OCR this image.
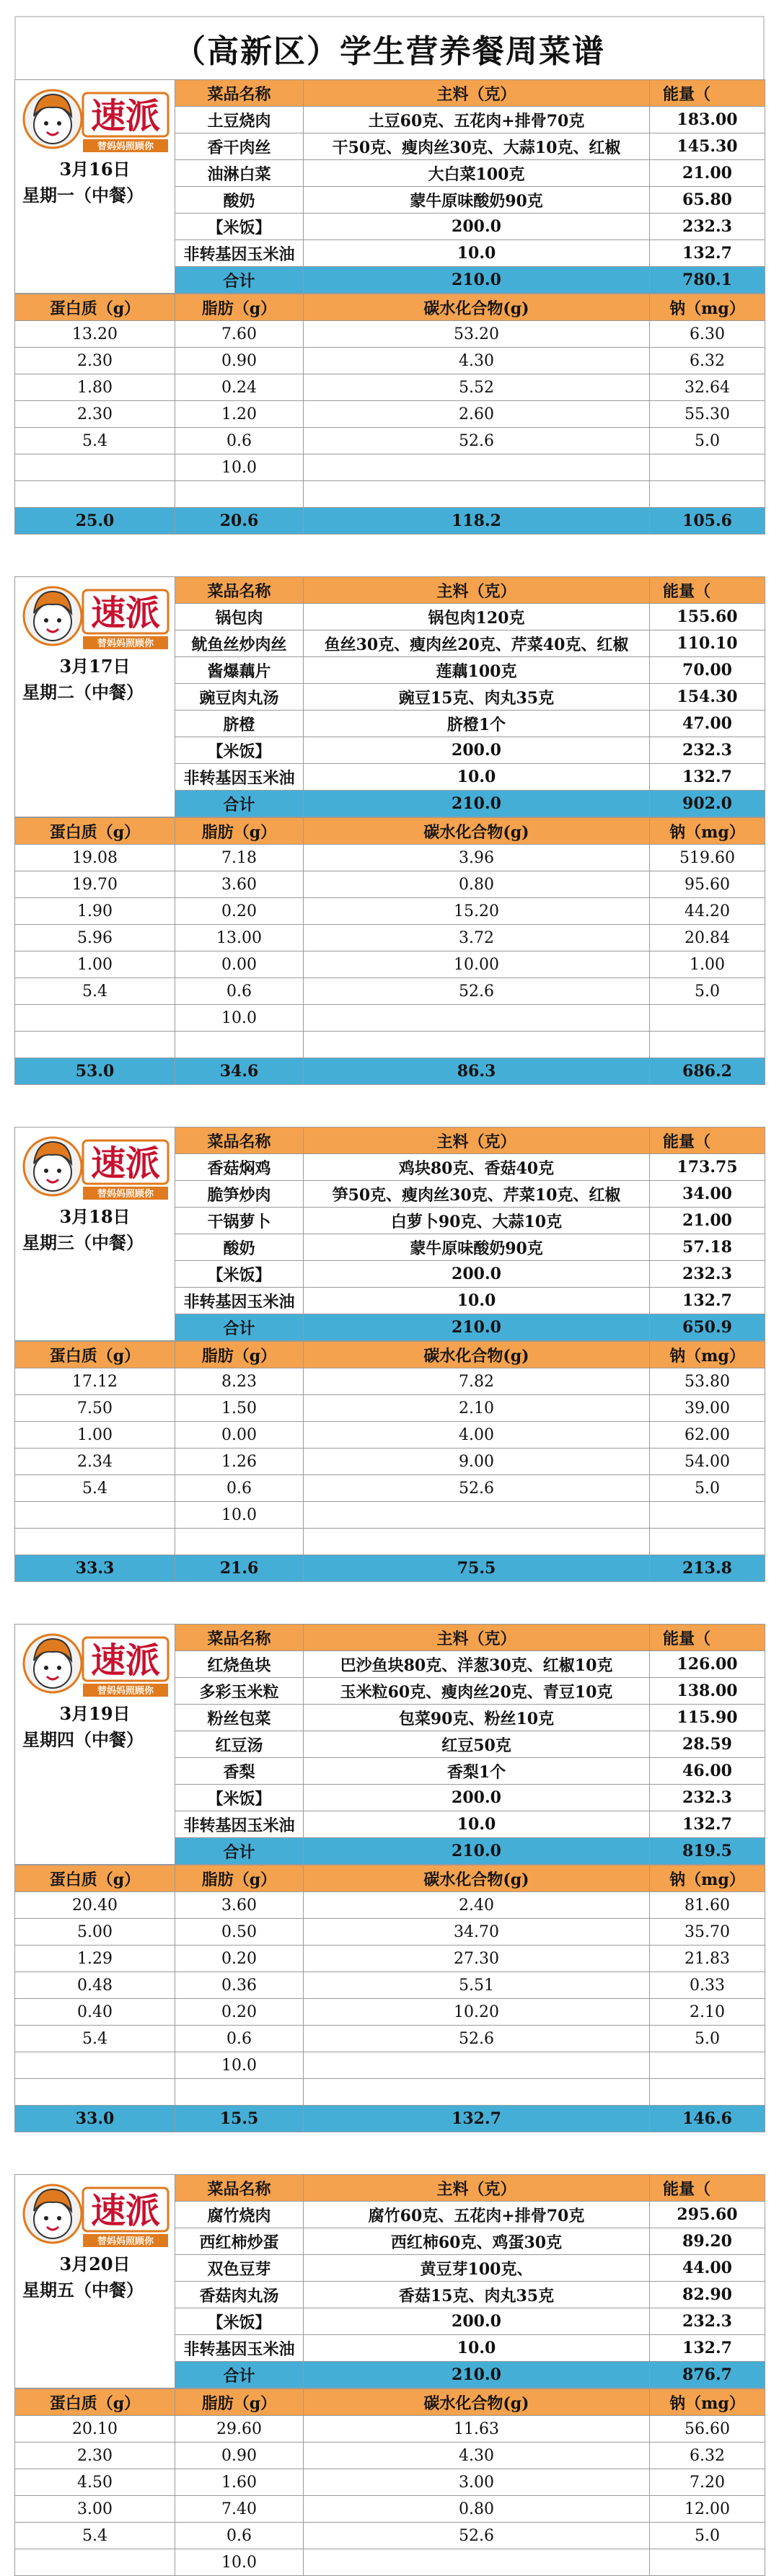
（高新区）学生营养餐周菜谱
速派
替妈妈照顾你
3月16日
星期一（中餐）	菜品名称	主料（克）	能量（
	土豆烧肉	土豆60克、五花肉+排骨70克	183.00
	香干肉丝	干50克、瘦肉丝30克、大蒜10克、红椒	145.30
	油淋白菜	大白菜100克	21.00
	酸奶	蒙牛原味酸奶90克	65.80
	【米饭】	200.0	232.3
	非转基因玉米油	10.0	132.7
	合计	210.0	780.1
蛋白质（g）	脂肪（g）	碳水化合物(g)	钠（mg）
13.20	7.60	53.20	6.30
2.30	0.90	4.30	6.32
1.80	0.24	5.52	32.64
2.30	1.20	2.60	55.30
5.4	0.6	52.6	5.0
	10.0		

25.0	20.6	118.2	105.6
速派
替妈妈照顾你
3月17日
星期二（中餐）	菜品名称	主料（克）	能量（
	锅包肉	锅包肉120克	155.60
	鱿鱼丝炒肉丝	鱼丝30克、瘦肉丝20克、芹菜40克、红椒	110.10
	酱爆藕片	莲藕100克	70.00
	豌豆肉丸汤	豌豆15克、肉丸35克	154.30
	脐橙	脐橙1个	47.00
	【米饭】	200.0	232.3
	非转基因玉米油	10.0	132.7
	合计	210.0	902.0
蛋白质（g）	脂肪（g）	碳水化合物(g)	钠（mg）
19.08	7.18	3.96	519.60
19.70	3.60	0.80	95.60
1.90	0.20	15.20	44.20
5.96	13.00	3.72	20.84
1.00	0.00	10.00	1.00
5.4	0.6	52.6	5.0
	10.0		

53.0	34.6	86.3	686.2
速派
替妈妈照顾你
3月18日
星期三（中餐）	菜品名称	主料（克）	能量（
	香菇焖鸡	鸡块80克、香菇40克	173.75
	脆笋炒肉	笋50克、瘦肉丝30克、芹菜10克、红椒	34.00
	干锅萝卜	白萝卜90克、大蒜10克	21.00
	酸奶	蒙牛原味酸奶90克	57.18
	【米饭】	200.0	232.3
	非转基因玉米油	10.0	132.7
	合计	210.0	650.9
蛋白质（g）	脂肪（g）	碳水化合物(g)	钠（mg）
17.12	8.23	7.82	53.80
7.50	1.50	2.10	39.00
1.00	0.00	4.00	62.00
2.34	1.26	9.00	54.00
5.4	0.6	52.6	5.0
	10.0		

33.3	21.6	75.5	213.8
速派
替妈妈照顾你
3月19日
星期四（中餐）	菜品名称	主料（克）	能量（
	红烧鱼块	巴沙鱼块80克、洋葱30克、红椒10克	126.00
	多彩玉米粒	玉米粒60克、瘦肉丝20克、青豆10克	138.00
	粉丝包菜	包菜90克、粉丝10克	115.90
	红豆汤	红豆50克	28.59
	香梨	香梨1个	46.00
	【米饭】	200.0	232.3
	非转基因玉米油	10.0	132.7
	合计	210.0	819.5
蛋白质（g）	脂肪（g）	碳水化合物(g)	钠（mg）
20.40	3.60	2.40	81.60
5.00	0.50	34.70	35.70
1.29	0.20	27.30	21.83
0.48	0.36	5.51	0.33
0.40	0.20	10.20	2.10
5.4	0.6	52.6	5.0
	10.0		

33.0	15.5	132.7	146.6
速派
替妈妈照顾你
3月20日
星期五（中餐）	菜品名称	主料（克）	能量（
	腐竹烧肉	腐竹60克、五花肉+排骨70克	295.60
	西红柿炒蛋	西红柿60克、鸡蛋30克	89.20
	双色豆芽	黄豆芽100克、	44.00
	香菇肉丸汤	香菇15克、肉丸35克	82.90
	【米饭】	200.0	232.3
	非转基因玉米油	10.0	132.7
	合计	210.0	876.7
蛋白质（g）	脂肪（g）	碳水化合物(g)	钠（mg）
20.10	29.60	11.63	56.60
2.30	0.90	4.30	6.32
4.50	1.60	3.00	7.20
3.00	7.40	0.80	12.00
5.4	0.6	52.6	5.0
	10.0		
